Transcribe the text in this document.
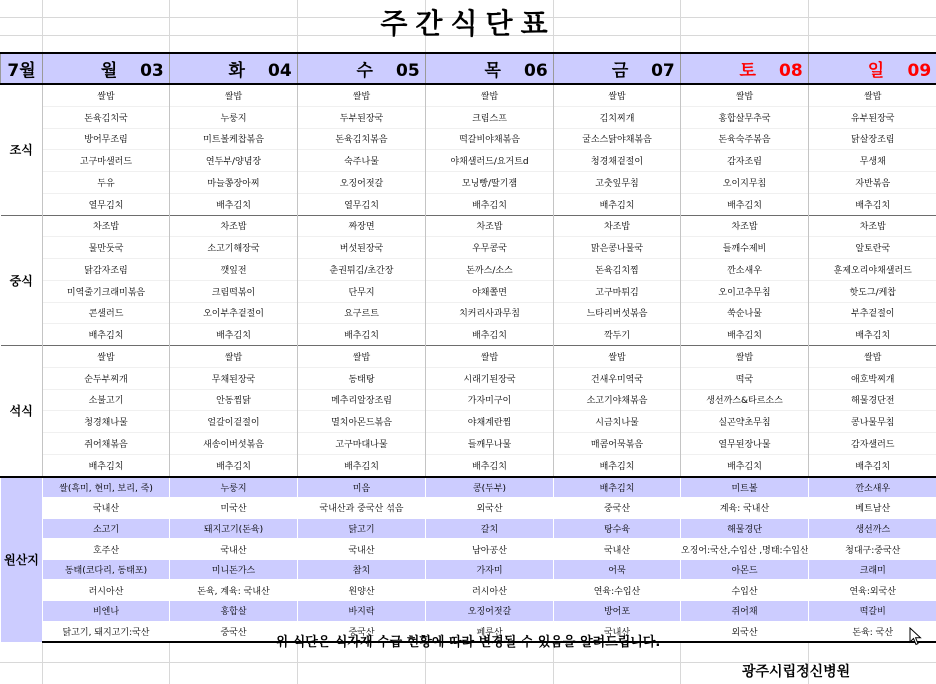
주간식단표
7월	월 03	화 04	수 05	목 06	금 07	토 08	일 09
조식	쌀밥	쌀밥	쌀밥	쌀밥	쌀밥	쌀밥	쌀밥
	돈육김치국	누룽지	두부된장국	크림스프	김치찌개	홍합살무추국	유부된장국
	방어무조림	미트볼케찹볶음	돈육김치볶음	떡갈비야채볶음	굴소스닭야채볶음	돈육숙주볶음	닭살장조림
	고구마샐러드	연두부/양념장	숙주나물	야채샐러드/요거트d	청경채겉절이	감자조림	무생채
	두유	마늘쫑장아찌	오징어젓갈	모닝빵/딸기잼	고춧잎무침	오이지무침	자반볶음
	열무김치	배추김치	열무김치	배추김치	배추김치	배추김치	배추김치
중식	차조밥	차조밥	짜장면	차조밥	차조밥	차조밥	차조밥
	물만둣국	소고기해장국	버섯된장국	우무콩국	맑은콩나물국	들깨수제비	알토란국
	닭감자조림	깻잎전	춘권튀김/초간장	돈까스/소스	돈육김치찜	깐소새우	훈제오리야채샐러드
	미역줄기크래미볶음	크림떡볶이	단무지	야채쫄면	고구마튀김	오이고추무침	핫도그/케찹
	콘샐러드	오이부추겉절이	요구르트	치커리사과무침	느타리버섯볶음	쑥순나물	부추겉절이
	배추김치	배추김치	배추김치	배추김치	깍두기	배추김치	배추김치
석식	쌀밥	쌀밥	쌀밥	쌀밥	쌀밥	쌀밥	쌀밥
	순두부찌개	무채된장국	동태탕	시래기된장국	건새우미역국	떡국	애호박찌개
	소불고기	안동찜닭	메추리알장조림	가자미구이	소고기야채볶음	생선까스&타르소스	해물경단전
	청경채나물	얼갈이겉절이	멸치아몬드볶음	야채계란찜	시금치나물	실곤약초무침	콩나물무침
	쥐어채볶음	새송이버섯볶음	고구마대나물	들깨무나물	매콤어묵볶음	열무된장나물	감자샐러드
	배추김치	배추김치	배추김치	배추김치	배추김치	배추김치	배추김치
원산지	쌀(흑미, 현미, 보리, 죽)	누룽지	미음	콩(두부)	배추김치	미트볼	깐소새우
	국내산	미국산	국내산과 중국산 섞음	외국산	중국산	계육: 국내산	베트남산
	소고기	돼지고기(돈육)	닭고기	갈치	탕수육	해물경단	생선까스
	호주산	국내산	국내산	남아공산	국내산	오징어:국산,수입산 ,명태:수입산	청대구:중국산
	동태(코다리, 동태포)	미니돈가스	참치	가자미	어묵	아몬드	크래미
	러시아산	돈육, 계육: 국내산	원양산	러시아산	연육:수입산	수입산	연육:외국산
	비엔나	홍합살	바지락	오징어젓갈	방어포	쥐어채	떡갈비
	닭고기, 돼지고기:국산	중국산	중국산	페루산	국내산	외국산	돈육: 국산
위 식단은 식자재 수급 현황에 따라 변경될 수 있음을 알려드립니다.
광주시립정신병원
